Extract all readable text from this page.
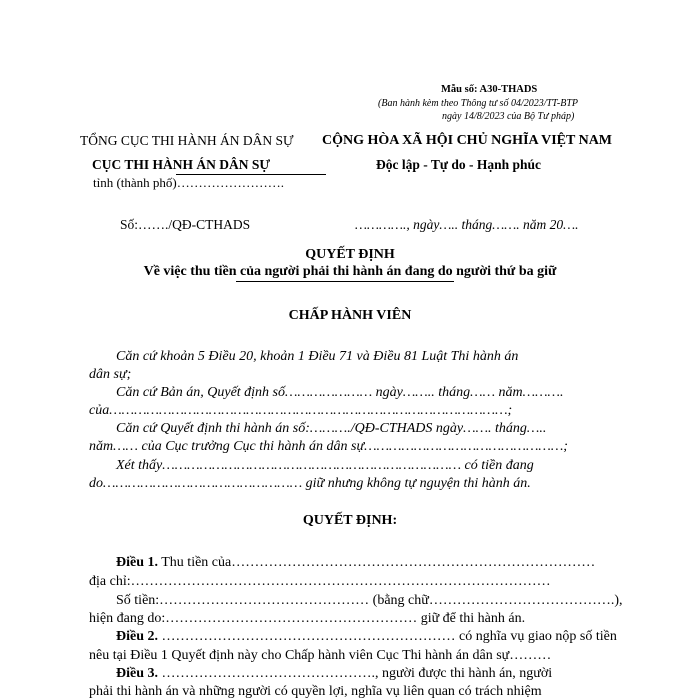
Mẫu số: A30-THADS
(Ban hành kèm theo Thông tư số 04/2023/TT-BTP
ngày 14/8/2023 của Bộ Tư pháp)
TỔNG CỤC THI HÀNH ÁN DÂN SỰ
CỤC THI HÀNH ÁN DÂN SỰ
tỉnh (thành phố)…………………….
CỘNG HÒA XÃ HỘI CHỦ NGHĨA VIỆT NAM
Độc lập - Tự do - Hạnh phúc
Số:……./QĐ-CTHADS	…………., ngày….. tháng……. năm 20….
QUYẾT ĐỊNH
Về việc thu tiền của người phải thi hành án đang do người thứ ba giữ
CHẤP HÀNH VIÊN
Căn cứ khoản 5 Điều 20, khoản 1 Điều 71 và Điều 81 Luật Thi hành án
dân sự;
Căn cứ Bản án, Quyết định số………………… ngày…….. tháng…… năm……….
của……………………………………………………………………………………;
Căn cứ Quyết định thi hành án số:………./QĐ-CTHADS ngày……. tháng…..
năm…… của Cục trưởng Cục thi hành án dân sự…………………………………………;
Xét thấy……………………………………………………………… có tiền đang
do………………………………………… giữ nhưng không tự nguyện thi hành án.
QUYẾT ĐỊNH:
Điều 1. Thu tiền của……………………………………………………………………
địa chỉ:………………………………………………………………………………
Số tiền:……………………………………… (bằng chữ………………………………….),
hiện đang do:……………………………………………… giữ để thi hành án.
Điều 2. ……………………………………………………… có nghĩa vụ giao nộp số tiền
nêu tại Điều 1 Quyết định này cho Chấp hành viên Cục Thi hành án dân sự………
Điều 3. ………………………………………., người được thi hành án, người
phải thi hành án và những người có quyền lợi, nghĩa vụ liên quan có trách nhiệm
